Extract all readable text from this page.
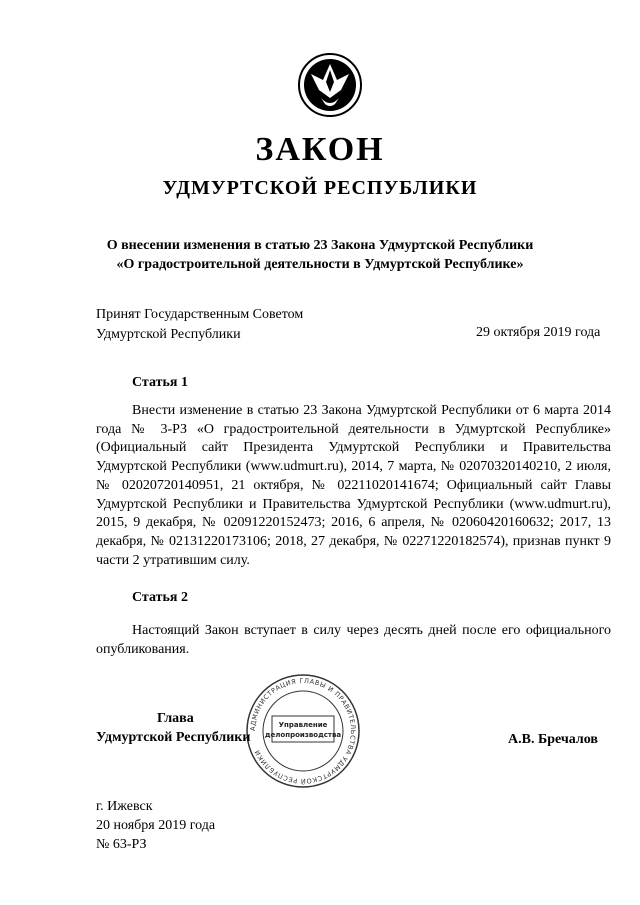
ЗАКОН
УДМУРТСКОЙ РЕСПУБЛИКИ
О внесении изменения в статью 23 Закона Удмуртской Республики
«О градостроительной деятельности в Удмуртской Республике»
Принят Государственным Советом
Удмуртской Республики	29 октября 2019 года
Статья 1
Внести изменение в статью 23 Закона Удмуртской Республики от 6 марта 2014 года № 3-РЗ «О градостроительной деятельности в Удмуртской Республике» (Официальный сайт Президента Удмуртской Республики и Правительства Удмуртской Республики (www.udmurt.ru), 2014, 7 марта, № 02070320140210, 2 июля, № 02020720140951, 21 октября, № 02211020141674; Официальный сайт Главы Удмуртской Республики и Правительства Удмуртской Республики (www.udmurt.ru), 2015, 9 декабря, № 02091220152473; 2016, 6 апреля, № 02060420160632; 2017, 13 декабря, № 02131220173106; 2018, 27 декабря, № 02271220182574), признав пункт 9 части 2 утратившим силу.
Статья 2
Настоящий Закон вступает в силу через десять дней после его официального опубликования.
АДМИНИСТРАЦИЯ ГЛАВЫ И ПРАВИТЕЛЬСТВА УДМУРТСКОЙ РЕСПУБЛИКИ
Управление
делопроизводства
Глава
Удмуртской Республики	А.В. Бречалов
г. Ижевск
20 ноября 2019 года
№ 63-РЗ
